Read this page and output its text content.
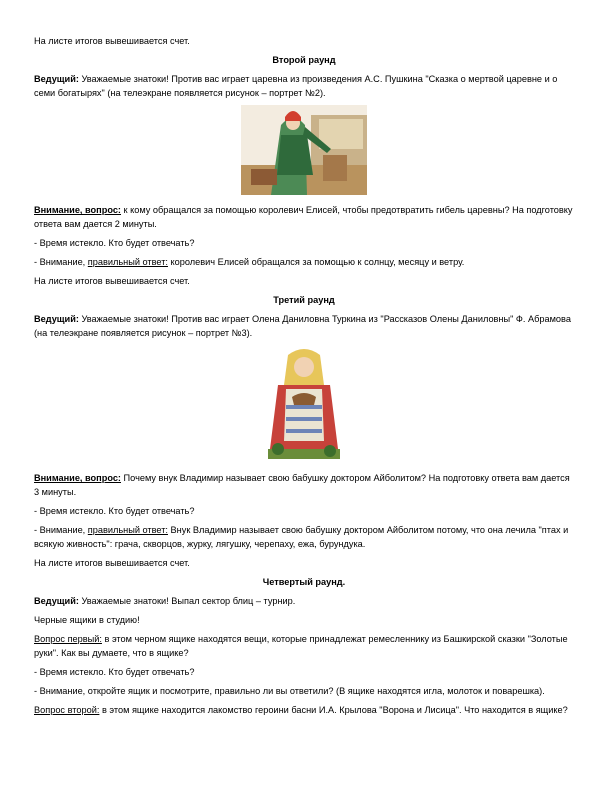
На листе итогов вывешивается счет.

Второй раунд

Ведущий: Уважаемые знатоки! Против вас играет царевна из произведения А.С. Пушкина "Сказка о мертвой царевне и о семи богатырях" (на телеэкране появляется рисунок – портрет №2).

Внимание, вопрос: к кому обращался за помощью королевич Елисей, чтобы предотвратить гибель царевны? На подготовку ответа вам дается 2 минуты.

- Время истекло. Кто будет отвечать?

- Внимание, правильный ответ: королевич Елисей обращался за помощью к солнцу, месяцу и ветру.

На листе итогов вывешивается счет.

Третий раунд

Ведущий: Уважаемые знатоки! Против вас играет Олена Даниловна Туркина из "Рассказов Олены Даниловны" Ф. Абрамова (на телеэкране появляется рисунок – портрет №3).

Внимание, вопрос: Почему внук Владимир называет свою бабушку доктором Айболитом? На подготовку ответа вам дается 3 минуты.

- Время истекло. Кто будет отвечать?

- Внимание, правильный ответ: Внук Владимир называет свою бабушку доктором Айболитом потому, что она лечила "птах и всякую живность": грача, скворцов, журку, лягушку, черепаху, ежа, бурундука.

На листе итогов вывешивается счет.

Четвертый раунд.

Ведущий: Уважаемые знатоки! Выпал сектор блиц – турнир.

Черные ящики в студию!

Вопрос первый: в этом черном ящике находятся вещи, которые принадлежат ремесленнику из Башкирской сказки "Золотые руки". Как вы думаете, что в ящике?

- Время истекло. Кто будет отвечать?

- Внимание, откройте ящик и посмотрите, правильно ли вы ответили? (В ящике находятся игла, молоток и поварешка).

Вопрос второй: в этом ящике находится лакомство героини басни И.А. Крылова "Ворона и Лисица". Что находится в ящике?
